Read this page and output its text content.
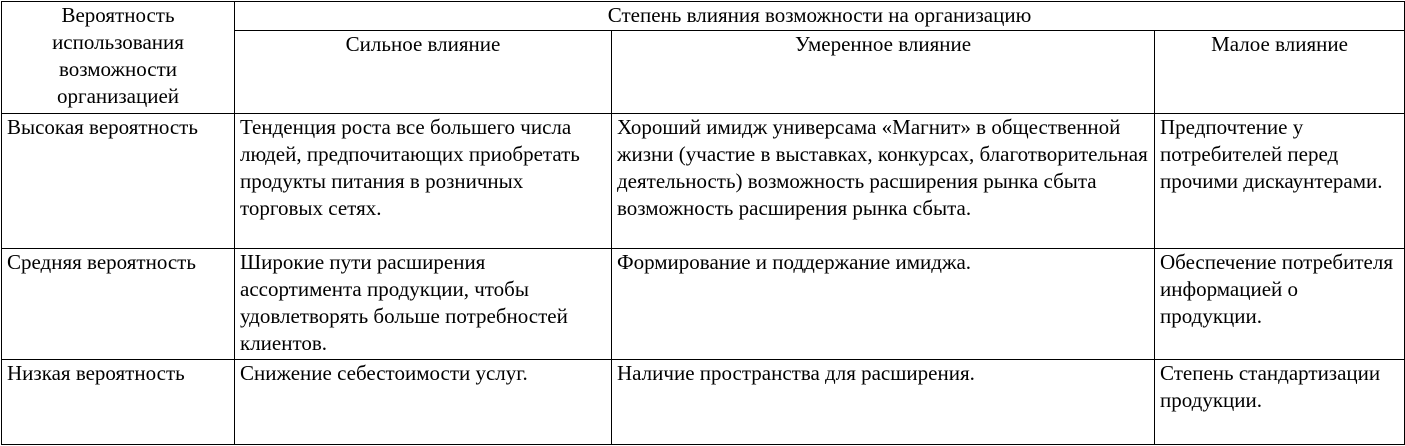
Вероятность использования возможности организацией	Степень влияния возможности на организацию		
	Сильное влияние	Умеренное влияние	Малое влияние
Высокая вероятность	Тенденция роста все большего числа людей, предпочитающих приобретать продукты питания в розничных торговых сетях.	Хороший имидж универсама «Магнит» в общественной жизни (участие в выставках, конкурсах, благотворительная деятельность) возможность расширения рынка сбыта возможность расширения рынка сбыта.	Предпочтение у потребителей перед прочими дискаунтерами.
Средняя вероятность	Широкие пути расширения ассортимента продукции, чтобы удовлетворять больше потребностей клиентов.	Формирование и поддержание имиджа.	Обеспечение потребителя информацией о продукции.
Низкая вероятность	Снижение себестоимости услуг.	Наличие пространства для расширения.	Степень стандартизации продукции.
